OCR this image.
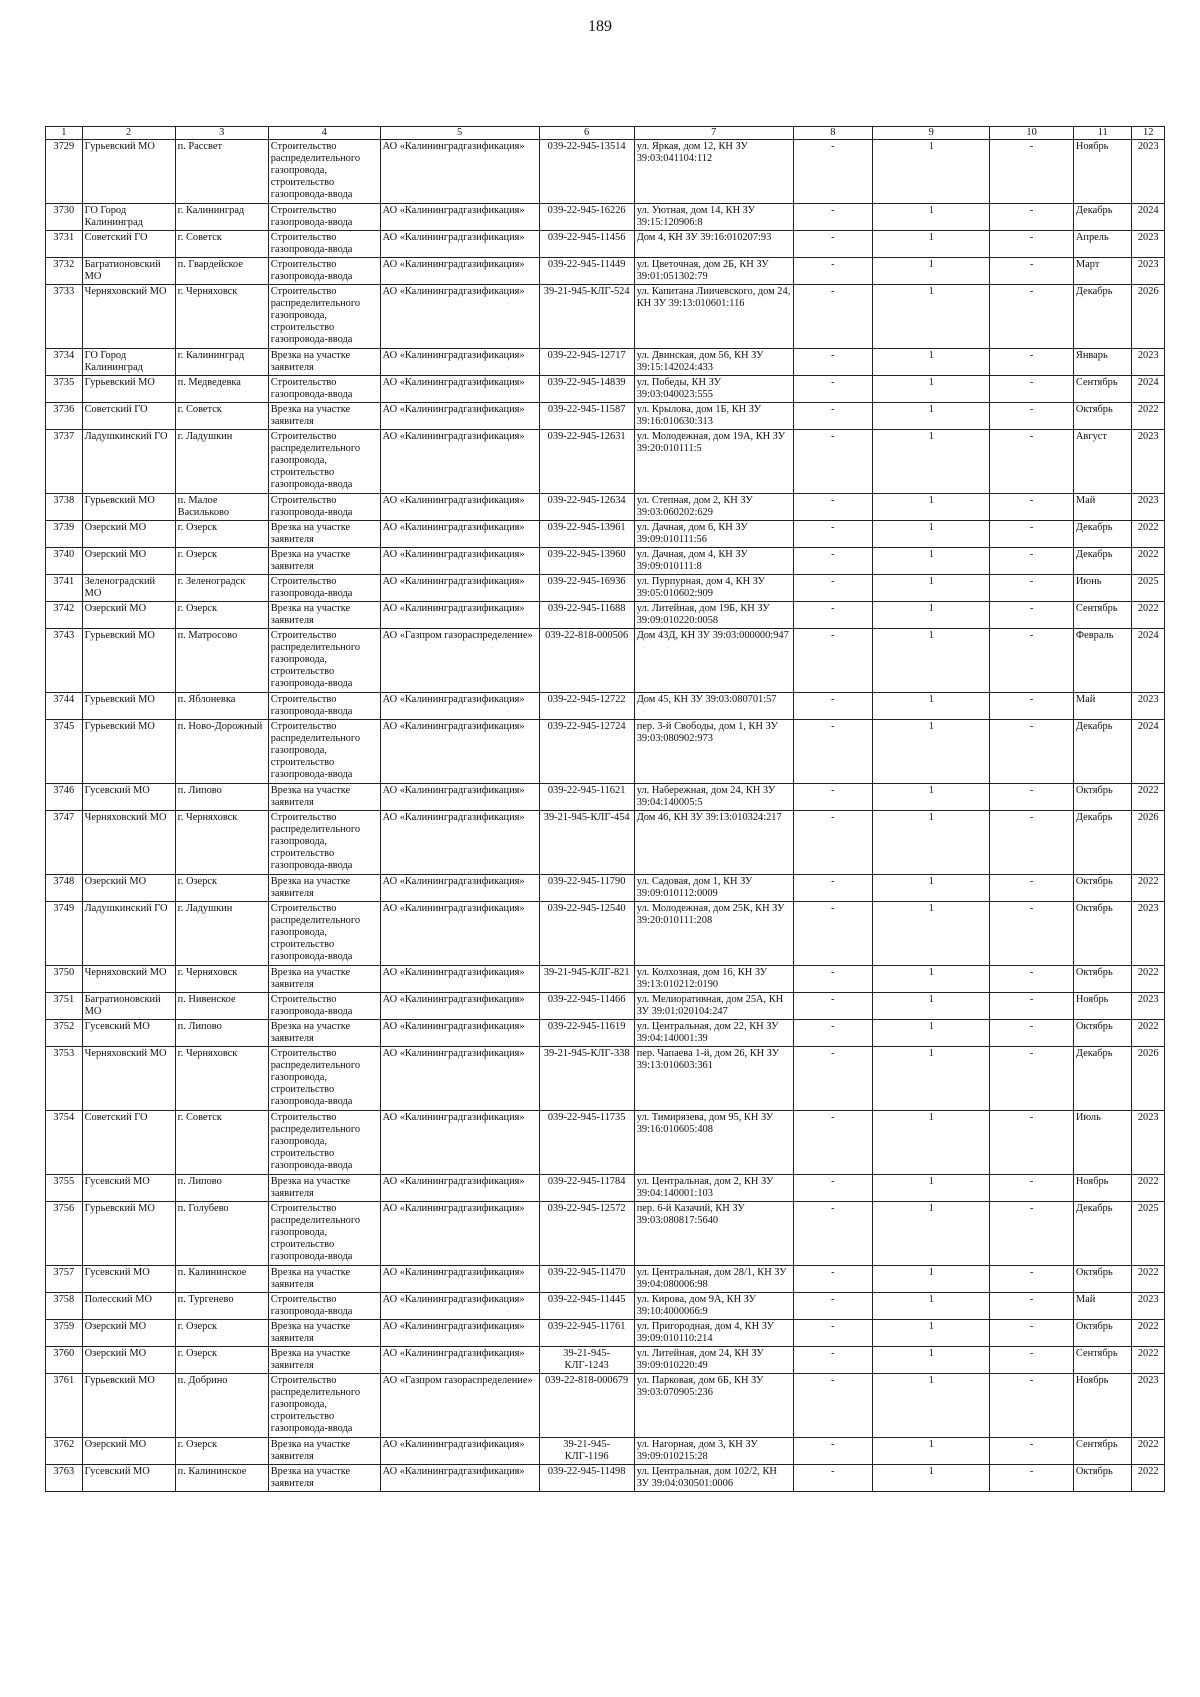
189
1	2	3	4	5	6	7	8	9	10	11	12
3729	Гурьевский МО	п. Рассвет	Строительство распределительного газопровода, строительство газопровода-ввода	АО «Калининградгазификация»	039-22-945-13514	ул. Яркая, дом 12, КН ЗУ 39:03:041104:112	-	1	-	Ноябрь	2023
3730	ГО Город Калининград	г. Калининград	Строительство газопровода-ввода	АО «Калининградгазификация»	039-22-945-16226	ул. Уютная, дом 14, КН ЗУ 39:15:120906:8	-	1	-	Декабрь	2024
3731	Советский ГО	г. Советск	Строительство газопровода-ввода	АО «Калининградгазификация»	039-22-945-11456	Дом 4, КН ЗУ 39:16:010207:93	-	1	-	Апрель	2023
3732	Багратионовский МО	п. Гвардейское	Строительство газопровода-ввода	АО «Калининградгазификация»	039-22-945-11449	ул. Цветочная, дом 2Б, КН ЗУ 39:01:051302:79	-	1	-	Март	2023
3733	Черняховский МО	г. Черняховск	Строительство распределительного газопровода, строительство газопровода-ввода	АО «Калининградгазификация»	39-21-945-КЛГ-524	ул. Капитана Лиичевского, дом 24, КН ЗУ 39:13:010601:116	-	1	-	Декабрь	2026
3734	ГО Город Калининград	г. Калининград	Врезка на участке заявителя	АО «Калининградгазификация»	039-22-945-12717	ул. Двинская, дом 56, КН ЗУ 39:15:142024:433	-	1	-	Январь	2023
3735	Гурьевский МО	п. Медведевка	Строительство газопровода-ввода	АО «Калининградгазификация»	039-22-945-14839	ул. Победы, КН ЗУ 39:03:040023:555	-	1	-	Сентябрь	2024
3736	Советский ГО	г. Советск	Врезка на участке заявителя	АО «Калининградгазификация»	039-22-945-11587	ул. Крылова, дом 1Б, КН ЗУ 39:16:010630:313	-	1	-	Октябрь	2022
3737	Ладушкинский ГО	г. Ладушкин	Строительство распределительного газопровода, строительство газопровода-ввода	АО «Калининградгазификация»	039-22-945-12631	ул. Молодежная, дом 19А, КН ЗУ 39:20:010111:5	-	1	-	Август	2023
3738	Гурьевский МО	п. Малое Васильково	Строительство газопровода-ввода	АО «Калининградгазификация»	039-22-945-12634	ул. Степная, дом 2, КН ЗУ 39:03:060202:629	-	1	-	Май	2023
3739	Озерский МО	г. Озерск	Врезка на участке заявителя	АО «Калининградгазификация»	039-22-945-13961	ул. Дачная, дом 6, КН ЗУ 39:09:010111:56	-	1	-	Декабрь	2022
3740	Озерский МО	г. Озерск	Врезка на участке заявителя	АО «Калининградгазификация»	039-22-945-13960	ул. Дачная, дом 4, КН ЗУ 39:09:010111:8	-	1	-	Декабрь	2022
3741	Зеленоградский МО	г. Зеленоградск	Строительство газопровода-ввода	АО «Калининградгазификация»	039-22-945-16936	ул. Пурпурная, дом 4, КН ЗУ 39:05:010602:909	-	1	-	Июнь	2025
3742	Озерский МО	г. Озерск	Врезка на участке заявителя	АО «Калининградгазификация»	039-22-945-11688	ул. Литейная, дом 19Б, КН ЗУ 39:09:010220:0058	-	1	-	Сентябрь	2022
3743	Гурьевский МО	п. Матросово	Строительство распределительного газопровода, строительство газопровода-ввода	АО «Газпром газораспределение»	039-22-818-000506	Дом 43Д, КН ЗУ 39:03:000000:947	-	1	-	Февраль	2024
3744	Гурьевский МО	п. Яблоневка	Строительство газопровода-ввода	АО «Калининградгазификация»	039-22-945-12722	Дом 45, КН ЗУ 39:03:080701:57	-	1	-	Май	2023
3745	Гурьевский МО	п. Ново-Дорожный	Строительство распределительного газопровода, строительство газопровода-ввода	АО «Калининградгазификация»	039-22-945-12724	пер. 3-й Свободы, дом 1, КН ЗУ 39:03:080902:973	-	1	-	Декабрь	2024
3746	Гусевский МО	п. Липово	Врезка на участке заявителя	АО «Калининградгазификация»	039-22-945-11621	ул. Набережная, дом 24, КН ЗУ 39:04:140005:5	-	1	-	Октябрь	2022
3747	Черняховский МО	г. Черняховск	Строительство распределительного газопровода, строительство газопровода-ввода	АО «Калининградгазификация»	39-21-945-КЛГ-454	Дом 46, КН ЗУ 39:13:010324:217	-	1	-	Декабрь	2026
3748	Озерский МО	г. Озерск	Врезка на участке заявителя	АО «Калининградгазификация»	039-22-945-11790	ул. Садовая, дом 1, КН ЗУ 39:09:010112:0009	-	1	-	Октябрь	2022
3749	Ладушкинский ГО	г. Ладушкин	Строительство распределительного газопровода, строительство газопровода-ввода	АО «Калининградгазификация»	039-22-945-12540	ул. Молодежная, дом 25К, КН ЗУ 39:20:010111:208	-	1	-	Октябрь	2023
3750	Черняховский МО	г. Черняховск	Врезка на участке заявителя	АО «Калининградгазификация»	39-21-945-КЛГ-821	ул. Колхозная, дом 16, КН ЗУ 39:13:010212:0190	-	1	-	Октябрь	2022
3751	Багратионовский МО	п. Нивенское	Строительство газопровода-ввода	АО «Калининградгазификация»	039-22-945-11466	ул. Мелиоративная, дом 25А, КН ЗУ 39:01:020104:247	-	1	-	Ноябрь	2023
3752	Гусевский МО	п. Липово	Врезка на участке заявителя	АО «Калининградгазификация»	039-22-945-11619	ул. Центральная, дом 22, КН ЗУ 39:04:140001:39	-	1	-	Октябрь	2022
3753	Черняховский МО	г. Черняховск	Строительство распределительного газопровода, строительство газопровода-ввода	АО «Калининградгазификация»	39-21-945-КЛГ-338	пер. Чапаева 1-й, дом 26, КН ЗУ 39:13:010603:361	-	1	-	Декабрь	2026
3754	Советский ГО	г. Советск	Строительство распределительного газопровода, строительство газопровода-ввода	АО «Калининградгазификация»	039-22-945-11735	ул. Тимирязева, дом 95, КН ЗУ 39:16:010605:408	-	1	-	Июль	2023
3755	Гусевский МО	п. Липово	Врезка на участке заявителя	АО «Калининградгазификация»	039-22-945-11784	ул. Центральная, дом 2, КН ЗУ 39:04:140001:103	-	1	-	Ноябрь	2022
3756	Гурьевский МО	п. Голубево	Строительство распределительного газопровода, строительство газопровода-ввода	АО «Калининградгазификация»	039-22-945-12572	пер. 6-й Казачий, КН ЗУ 39:03:080817:5640	-	1	-	Декабрь	2025
3757	Гусевский МО	п. Калининское	Врезка на участке заявителя	АО «Калининградгазификация»	039-22-945-11470	ул. Центральная, дом 28/1, КН ЗУ 39:04:080006:98	-	1	-	Октябрь	2022
3758	Полесский МО	п. Тургенево	Строительство газопровода-ввода	АО «Калининградгазификация»	039-22-945-11445	ул. Кирова, дом 9А, КН ЗУ 39:10:4000066:9	-	1	-	Май	2023
3759	Озерский МО	г. Озерск	Врезка на участке заявителя	АО «Калининградгазификация»	039-22-945-11761	ул. Пригородная, дом 4, КН ЗУ 39:09:010110:214	-	1	-	Октябрь	2022
3760	Озерский МО	г. Озерск	Врезка на участке заявителя	АО «Калининградгазификация»	39-21-945-КЛГ-1243	ул. Литейная, дом 24, КН ЗУ 39:09:010220:49	-	1	-	Сентябрь	2022
3761	Гурьевский МО	п. Добрино	Строительство распределительного газопровода, строительство газопровода-ввода	АО «Газпром газораспределение»	039-22-818-000679	ул. Парковая, дом 6Б, КН ЗУ 39:03:070905:236	-	1	-	Ноябрь	2023
3762	Озерский МО	г. Озерск	Врезка на участке заявителя	АО «Калининградгазификация»	39-21-945-КЛГ-1196	ул. Нагорная, дом 3, КН ЗУ 39:09:010215:28	-	1	-	Сентябрь	2022
3763	Гусевский МО	п. Калининское	Врезка на участке заявителя	АО «Калининградгазификация»	039-22-945-11498	ул. Центральная, дом 102/2, КН ЗУ 39:04:030501:0006	-	1	-	Октябрь	2022
